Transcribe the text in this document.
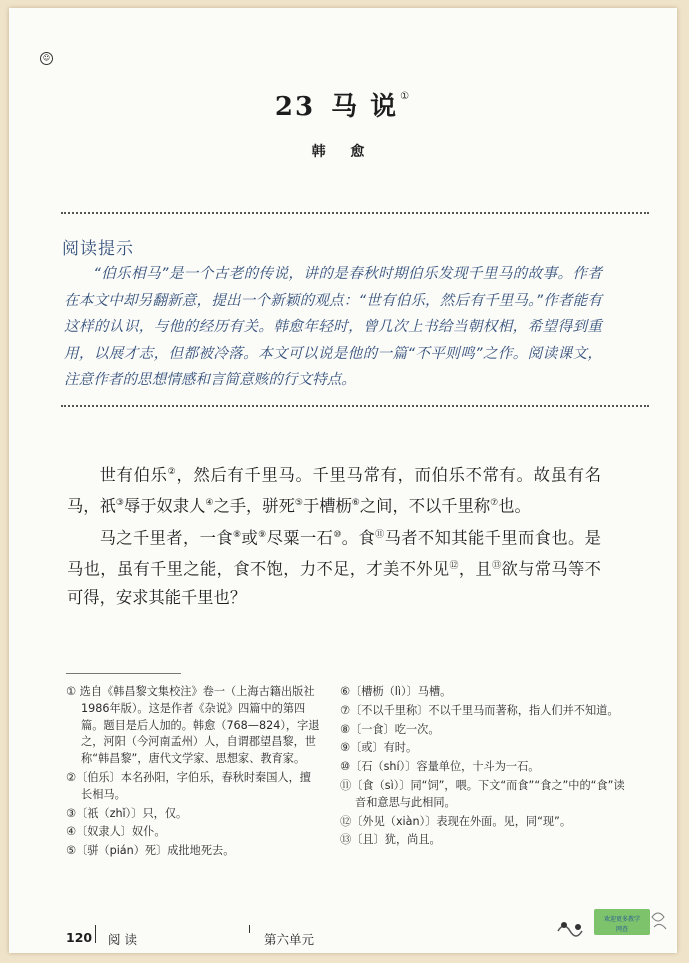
☺
23 马 说 ①
韩 愈
阅读提示
“伯乐相马”是一个古老的传说，讲的是春秋时期伯乐发现千里马的故事。作者在本文中却另翻新意，提出一个新颖的观点：“世有伯乐，然后有千里马。”作者能有这样的认识，与他的经历有关。韩愈年轻时，曾几次上书给当朝权相，希望得到重用，以展才志，但都被冷落。本文可以说是他的一篇“不平则鸣”之作。阅读课文，注意作者的思想情感和言简意赅的行文特点。

世有伯乐②，然后有千里马。千里马常有，而伯乐不常有。故虽有名马，祇③辱于奴隶人④之手，骈死⑤于槽枥⑥之间，不以千里称⑦也。

马之千里者，一食⑧或⑨尽粟一石⑩。食⑪马者不知其能千里而食也。是马也，虽有千里之能，食不饱，力不足，才美不外见⑫，且⑬欲与常马等不可得，安求其能千里也？

① 选自《韩昌黎文集校注》卷一（上海古籍出版社1986年版）。这是作者《杂说》四篇中的第四篇。题目是后人加的。韩愈（768—824），字退之，河阳（今河南孟州）人，自谓郡望昌黎，世称“韩昌黎”，唐代文学家、思想家、教育家。

②〔伯乐〕本名孙阳，字伯乐，春秋时秦国人，擅长相马。

③〔祇（zhǐ）〕只，仅。

④〔奴隶人〕奴仆。

⑤〔骈（pián）死〕成批地死去。

⑥〔槽枥（lì）〕马槽。

⑦〔不以千里称〕不以千里马而著称，指人们并不知道。

⑧〔一食〕吃一次。

⑨〔或〕有时。

⑩〔石（shí）〕容量单位，十斗为一石。

⑪〔食（sì）〕同“饲”，喂。下文“而食”“食之”中的“食”读音和意思与此相同。

⑫〔外见（xiàn）〕表现在外面。见，同“现”。

⑬〔且〕犹，尚且。

120 阅读	第六单元
欢迎更多教学
网查
